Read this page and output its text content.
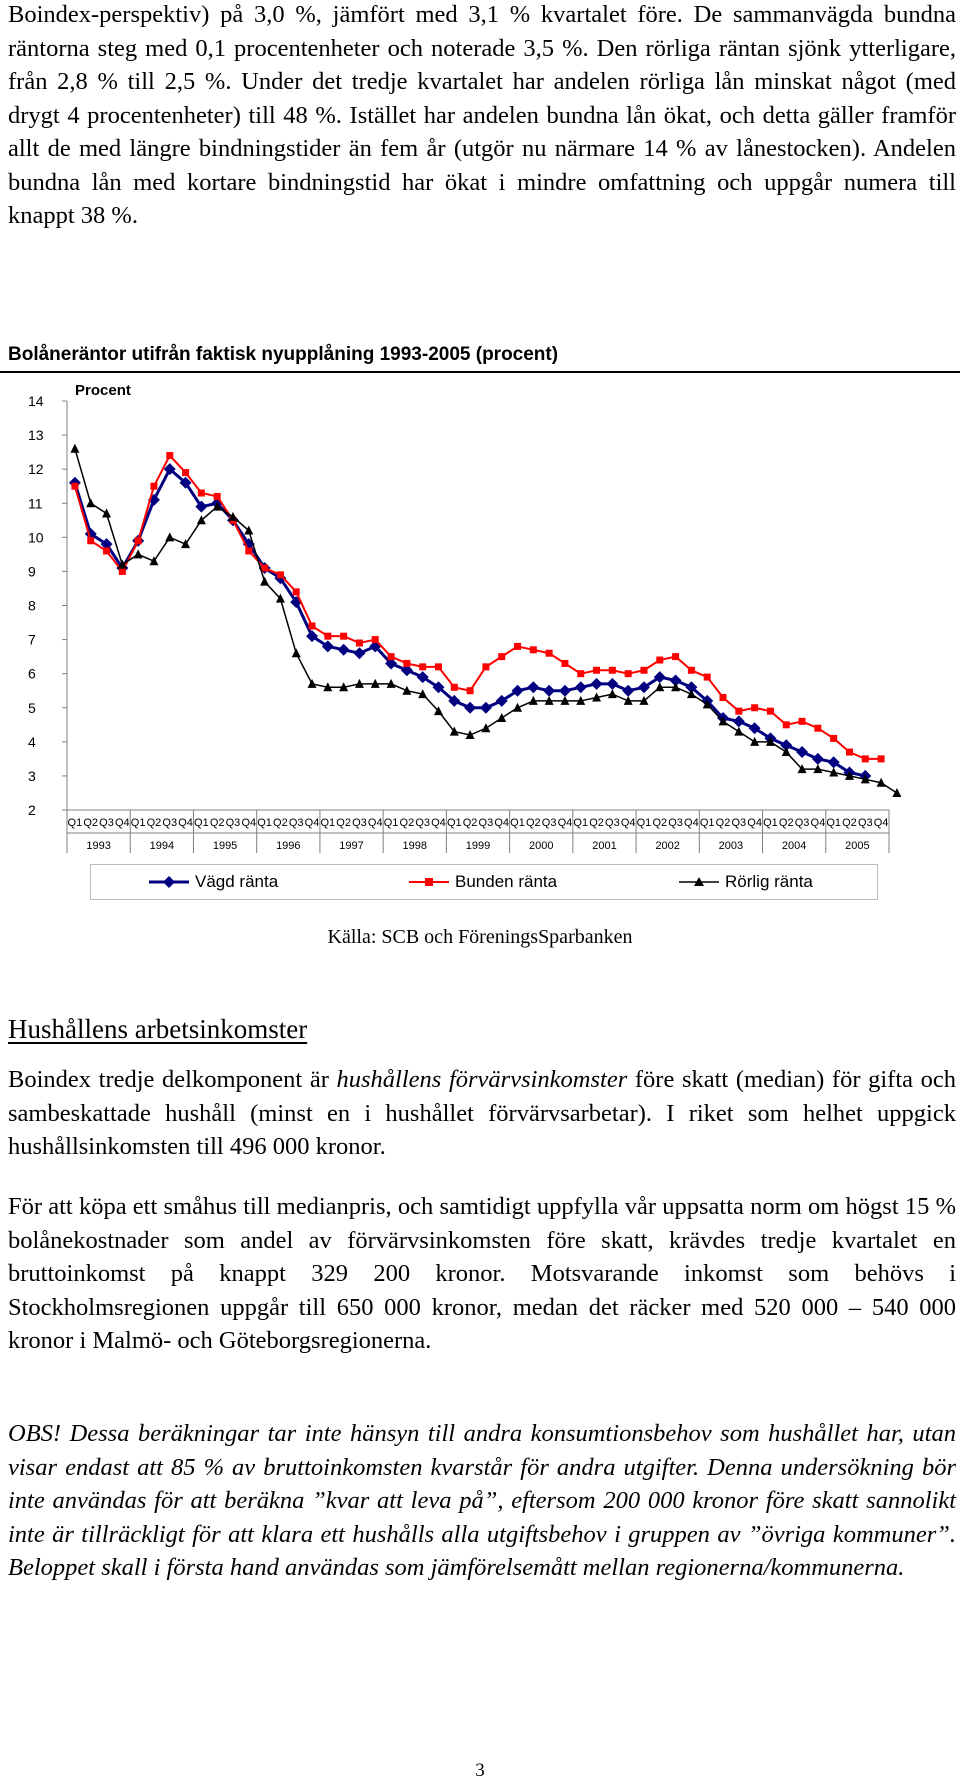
Boindex-perspektiv) på 3,0 %, jämfört med 3,1 % kvartalet före. De sammanvägda bundna räntorna steg med 0,1 procentenheter och noterade 3,5 %. Den rörliga räntan sjönk ytterligare, från 2,8 % till 2,5 %. Under det tredje kvartalet har andelen rörliga lån minskat något (med drygt 4 procentenheter) till 48 %. Istället har andelen bundna lån ökat, och detta gäller framför allt de med längre bindningstider än fem år (utgör nu närmare 14 % av lånestocken). Andelen bundna lån med kortare bindningstid har ökat i mindre omfattning och uppgår numera till knappt 38 %.

Bolåneräntor utifrån faktisk nyupplåning 1993-2005 (procent)
2
3
4
5
6
7
8
9
10
11
12
13
14
Procent
Q1 Q2 Q3 Q4 Q1 Q2 Q3 Q4 Q1 Q2 Q3 Q4 Q1 Q2 Q3 Q4 Q1 Q2 Q3 Q4 Q1 Q2 Q3 Q4 Q1 Q2 Q3 Q4 Q1 Q2 Q3 Q4 Q1 Q2 Q3 Q4 Q1 Q2 Q3 Q4 Q1 Q2 Q3 Q4 Q1 Q2 Q3 Q4 Q1 Q2 Q3 Q4
1993	1994	1995	1996	1997	1998	1999	2000	2001	2002	2003	2004	2005
Vägd ränta	Bunden ränta	Rörlig ränta

Källa: SCB och FöreningsSparbanken

Hushållens arbetsinkomster

Boindex tredje delkomponent är hushållens förvärvsinkomster före skatt (median) för gifta och sambeskattade hushåll (minst en i hushållet förvärvsarbetar). I riket som helhet uppgick hushållsinkomsten till 496 000 kronor.

För att köpa ett småhus till medianpris, och samtidigt uppfylla vår uppsatta norm om högst 15 % bolånekostnader som andel av förvärvsinkomsten före skatt, krävdes tredje kvartalet en bruttoinkomst på knappt 329 200 kronor. Motsvarande inkomst som behövs i Stockholmsregionen uppgår till 650 000 kronor, medan det räcker med 520 000 – 540 000 kronor i Malmö- och Göteborgsregionerna.

OBS! Dessa beräkningar tar inte hänsyn till andra konsumtionsbehov som hushållet har, utan visar endast att 85 % av bruttoinkomsten kvarstår för andra utgifter. Denna undersökning bör inte användas för att beräkna ”kvar att leva på”, eftersom 200 000 kronor före skatt sannolikt inte är tillräckligt för att klara ett hushålls alla utgiftsbehov i gruppen av ”övriga kommuner”. Beloppet skall i första hand användas som jämförelsemått mellan regionerna/kommunerna.

3
